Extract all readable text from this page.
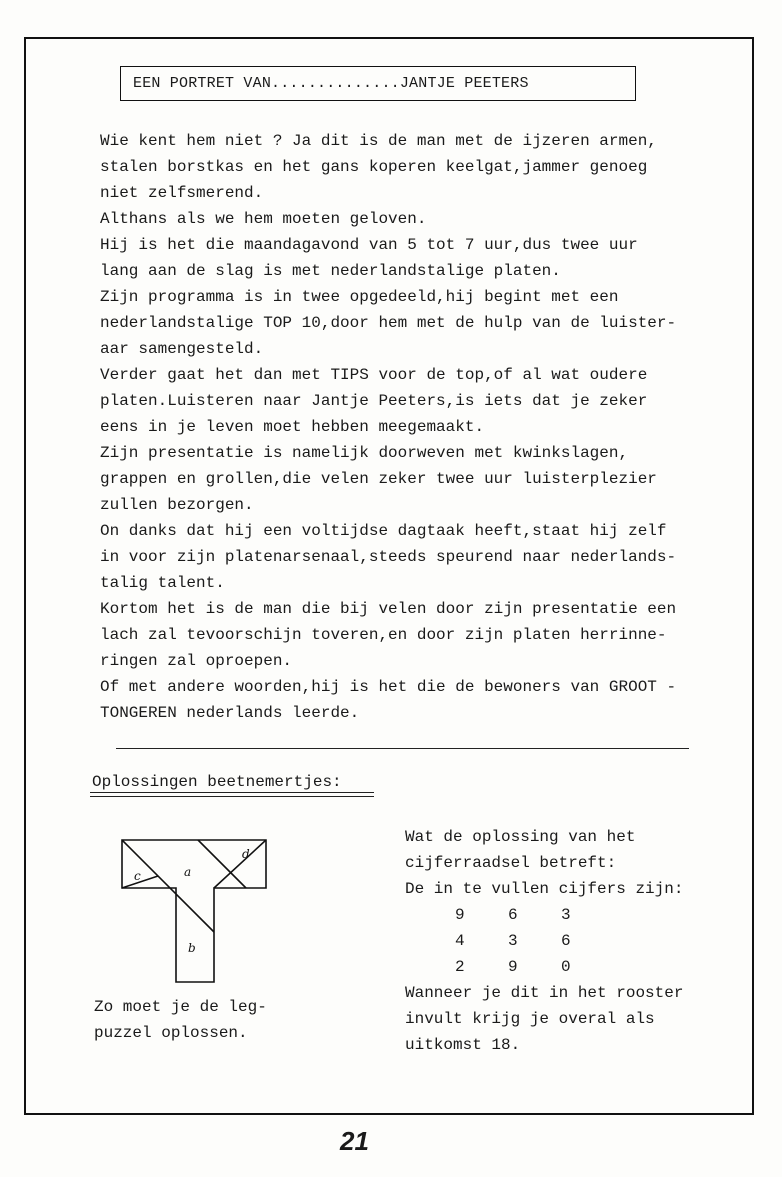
EEN PORTRET VAN..............JANTJE PEETERS

Wie kent hem niet ? Ja dit is de man met de ijzeren armen,

stalen borstkas en het gans koperen keelgat,jammer genoeg

niet zelfsmerend.

Althans als we hem moeten geloven.

Hij is het die maandagavond van 5 tot 7 uur,dus twee uur

lang aan de slag is met nederlandstalige platen.

Zijn programma is in twee opgedeeld,hij begint met een

nederlandstalige TOP 10,door hem met de hulp van de luister-

aar samengesteld.

Verder gaat het dan met TIPS voor de top,of al wat oudere

platen.Luisteren naar Jantje Peeters,is iets dat je zeker

eens in je leven moet hebben meegemaakt.

Zijn presentatie is namelijk doorweven met kwinkslagen,

grappen en grollen,die velen zeker twee uur luisterplezier

zullen bezorgen.

On danks dat hij een voltijdse dagtaak heeft,staat hij zelf

in voor zijn platenarsenaal,steeds speurend naar nederlands-

talig talent.

Kortom het is de man die bij velen door zijn presentatie een

lach zal tevoorschijn toveren,en door zijn platen herrinne-

ringen zal oproepen.

Of met andere woorden,hij is het die de bewoners van GROOT -

TONGEREN nederlands leerde.

Oplossingen beetnemertjes:
c	a
d
b
Zo moet je de leg-
puzzel oplossen.

Wat de oplossing van het

cijferraadsel betreft:

De in te vullen cijfers zijn:

9	6	3
4	3	6
2	9	0

Wanneer je dit in het rooster

invult krijg je overal als

uitkomst 18.

21
